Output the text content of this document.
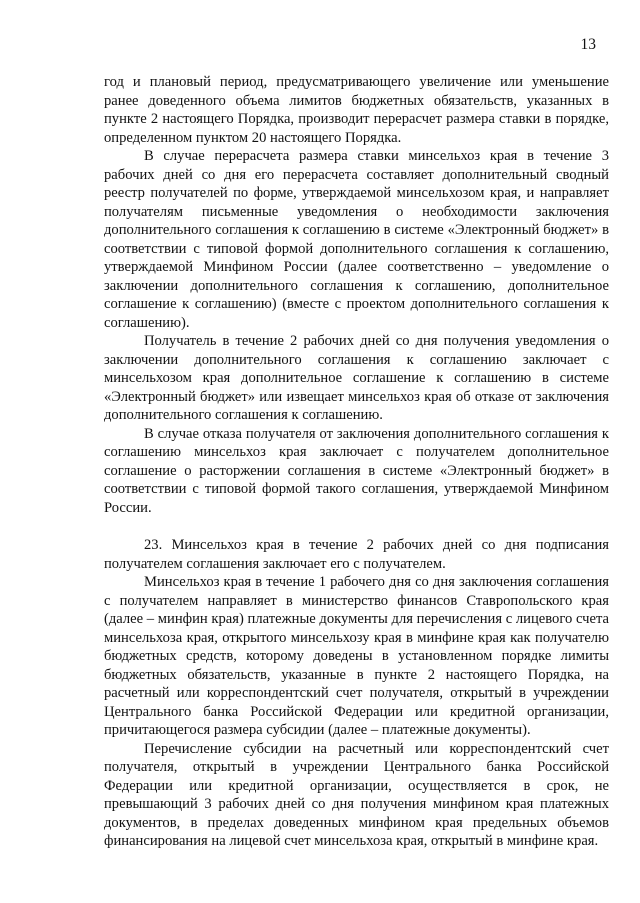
13

год и плановый период, предусматривающего увеличение или уменьшение ранее доведенного объема лимитов бюджетных обязательств, указанных в пункте 2 настоящего Порядка, производит перерасчет размера ставки в порядке, определенном пунктом 20 настоящего Порядка.

В случае перерасчета размера ставки минсельхоз края в течение 3 рабочих дней со дня его перерасчета составляет дополнительный сводный реестр получателей по форме, утверждаемой минсельхозом края, и направляет получателям письменные уведомления о необходимости заключения дополнительного соглашения к соглашению в системе «Электронный бюджет» в соответствии с типовой формой дополнительного соглашения к соглашению, утверждаемой Минфином России (далее соответственно – уведомление о заключении дополнительного соглашения к соглашению, дополнительное соглашение к соглашению) (вместе с проектом дополнительного соглашения к соглашению).

Получатель в течение 2 рабочих дней со дня получения уведомления о заключении дополнительного соглашения к соглашению заключает с минсельхозом края дополнительное соглашение к соглашению в системе «Электронный бюджет» или извещает минсельхоз края об отказе от заключения дополнительного соглашения к соглашению.

В случае отказа получателя от заключения дополнительного соглашения к соглашению минсельхоз края заключает с получателем дополнительное соглашение о расторжении соглашения в системе «Электронный бюджет» в соответствии с типовой формой такого соглашения, утверждаемой Минфином России.

23. Минсельхоз края в течение 2 рабочих дней со дня подписания получателем соглашения заключает его с получателем.

Минсельхоз края в течение 1 рабочего дня со дня заключения соглашения с получателем направляет в министерство финансов Ставропольского края (далее – минфин края) платежные документы для перечисления с лицевого счета минсельхоза края, открытого минсельхозу края в минфине края как получателю бюджетных средств, которому доведены в установленном порядке лимиты бюджетных обязательств, указанные в пункте 2 настоящего Порядка, на расчетный или корреспондентский счет получателя, открытый в учреждении Центрального банка Российской Федерации или кредитной организации, причитающегося размера субсидии (далее – платежные документы).

Перечисление субсидии на расчетный или корреспондентский счет получателя, открытый в учреждении Центрального банка Российской Федерации или кредитной организации, осуществляется в срок, не превышающий 3 рабочих дней со дня получения минфином края платежных документов, в пределах доведенных минфином края предельных объемов финансирования на лицевой счет минсельхоза края, открытый в минфине края.
